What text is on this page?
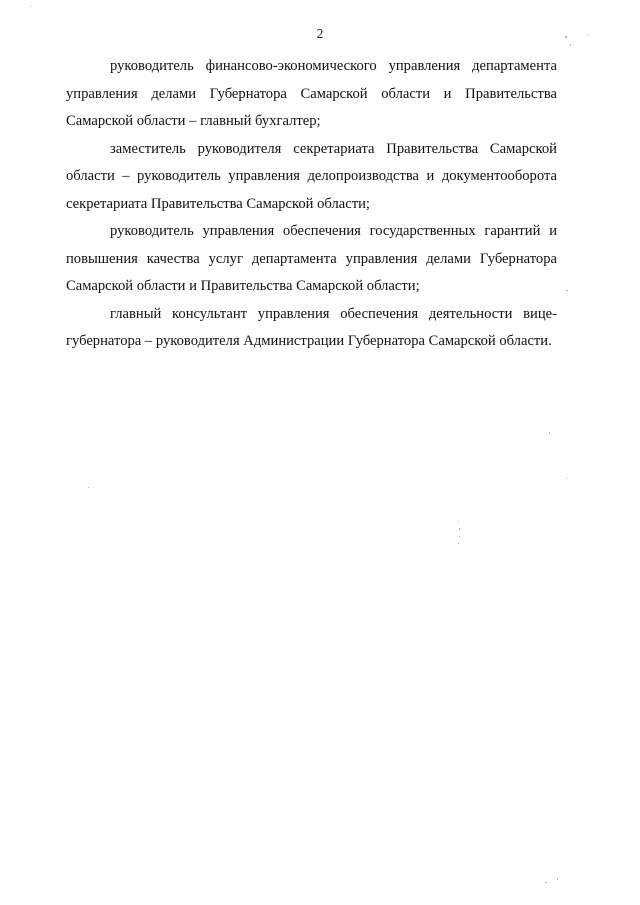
2

руководитель финансово-экономического управления департамента управления делами Губернатора Самарской области и Правительства Самарской области – главный бухгалтер;

заместитель руководителя секретариата Правительства Самарской области – руководитель управления делопроизводства и документооборота секретариата Правительства Самарской области;

руководитель управления обеспечения государственных гарантий и повышения качества услуг департамента управления делами Губернатора Самарской области и Правительства Самарской области;

главный консультант управления обеспечения деятельности вице-губернатора – руководителя Администрации Губернатора Самарской области.
